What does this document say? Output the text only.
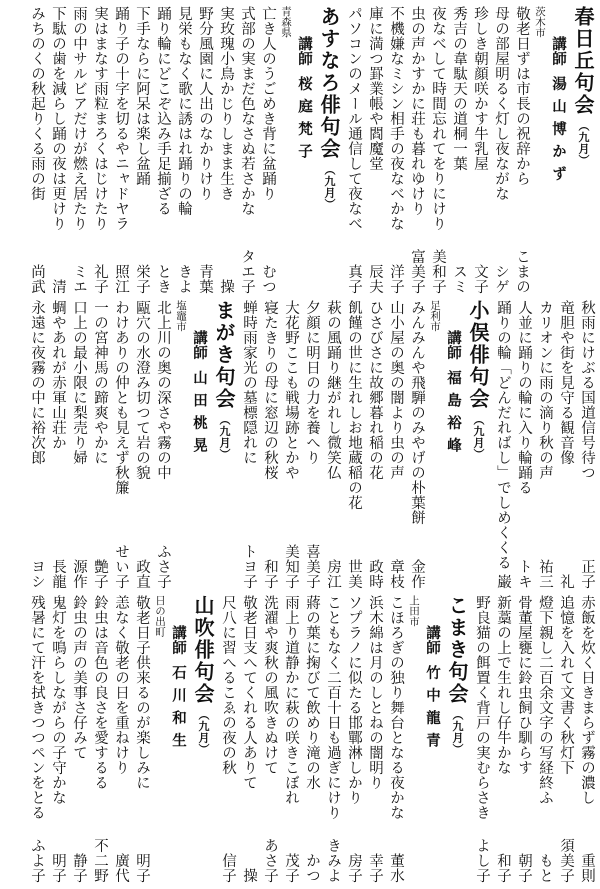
春日丘句会
（九月）
講師
湯山博かず
茨木市
敬老日ずは市長の祝辞から
こまの
母の部屋明るく灯し夜ながな
シゲ
珍しき朝顔咲かす牛乳屋
文子
秀吉の韋駄天の道桐一葉
スミ
夜なべして時間忘れてをりにけり
美和子
虫の声かすかに荘も暮れゆけり
富美子
不機嫌なミシン相手の夜なべかな
洋子
庫に満つ罫業帳や閻魔堂
辰夫
パソコンのメール通信して夜なべ
真子
あすなろ俳句会
（九月）
講師
桜庭梵子
青森県
亡き人のうごめき背に盆踊り
むつ
式部の実まだ色なさぬ若さかな
タエ子
実玫瑰小鳥かじりしまま生き
操
野分風園に人出のなかりけり
青葉
見栄もなく歌に誘はれ踊りの輪
きよ
踊り輪にどこぞ込み手足揃ざる
とき
下手ならに阿呆は楽し盆踊
栄子
踊り子の十字を切るやニャドヤラ
照江
実はまなす雨粒まろくはじけたり
礼子
雨の中サルビアだけが燃え居たり
ミエ
下駄の歯を減らし踊の夜は更けり
清
みちのくの秋起りくる雨の街
尚武
秋雨にけぶる国道信号待つ
正子
竜胆や街を見守る観音像
礼
カリオンに雨の滴り秋の声
祐三
人並に踊りの輪に入り輪踊る
トキ
踊りの輪「どんだればし」でしめくくる
巌
小俣俳句会
（九月）
講師
福島裕峰
足利市
みんみんや飛騨のみやげの朴葉餅
金作
山小屋の奥の闇より虫の声
章枝
ひさびさに故郷暮れ稲の花
政時
飢饉の世に生れしお地蔵稲の花
世美
萩の風踊り継がれし微笑仏
房江
夕顔に明日の力を養へり
喜美子
大花野ここも戦場跡とかや
美知子
寝たきりの母に窓辺の秋桜
和子
蝉時雨家光の墓標隠れに
トヨ子
まがき句会
（九月）
講師
山田桃晃
塩竈市
北上川の奥の深さや霧の中
ふさ子
甌穴の水澄み切つて岩の貌
政直
わけありの仲とも見えず秋簾
せい子
一の宮神馬の蹄爽やかに
艶子
口上の最小限に梨売り婦
源作
蜩やあれが赤軍山荘か
長龍
永遠に夜霧の中に裕次郎
ヨシ
赤飯を炊く日きまらず霧の濃し
重則
追憶を入れて文書く秋灯下
須美子
燈下親し二百余文字の写経終ふ
もと
骨董屋甕に鈴虫飼ひ馴らす
朝子
新藁の上で生れし仔牛かな
和子
野良猫の餌置く背戸の実むらさき
よし子
こまき句会
（九月）
講師
竹中龍青
上田市
こほろぎの独り舞台となる夜かな
董水
浜木綿は月のしとねの闇明り
幸子
ソプラノに似たる邯鄲淋しかり
房子
こともなく二百十日も過ぎにけり
きみよ
蔣の葉に掬びて飲めり滝の水
かつ
雨上り道静かに萩の咲きこぼれ
茂子
洗濯や爽秋の風吹きぬけて
あさ子
敬老日支へてくれる人ありて
操
尺八に習へるこゑの夜の秋
信子
山吹俳句会
（九月）
講師
石川和生
日の出町
敬老日子供来るのが楽しみに
明子
恙なく敬老の日を重ねけり
廣代
鈴虫は音色の良さを愛するる
不二野
鈴虫の声の美事さ仔みて
静子
鬼灯を鳴らしながらの子守かな
明子
残暑にて汗を拭きつつペンをとる
ふよ子
